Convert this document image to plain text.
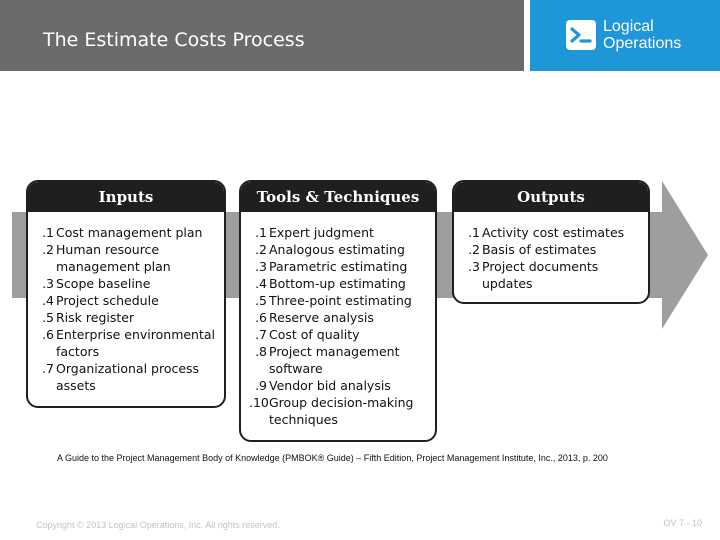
The Estimate Costs Process
Logical
Operations
Inputs
.1 Cost management plan
.2 Human resource management plan
.3 Scope baseline
.4 Project schedule
.5 Risk register
.6 Enterprise environmental factors
.7 Organizational process assets
Tools & Techniques
.1 Expert judgment
.2 Analogous estimating
.3 Parametric estimating
.4 Bottom-up estimating
.5 Three-point estimating
.6 Reserve analysis
.7 Cost of quality
.8 Project management software
.9 Vendor bid analysis
.10 Group decision-making techniques
Outputs
.1 Activity cost estimates
.2 Basis of estimates
.3 Project documents updates
A Guide to the Project Management Body of Knowledge (PMBOK® Guide) – Fifth Edition, Project Management Institute, Inc., 2013, p. 200
Copyright © 2013 Logical Operations, Inc. All rights reserved.	OV 7 - 10
